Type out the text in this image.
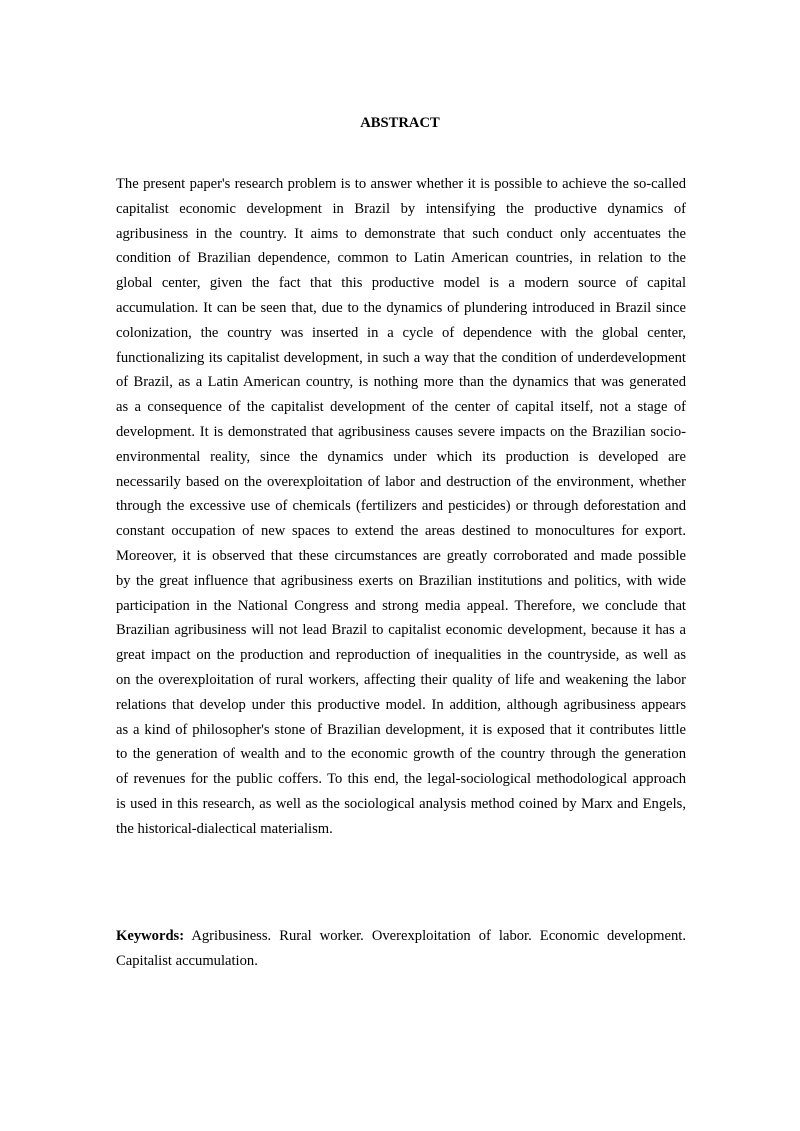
ABSTRACT
The present paper's research problem is to answer whether it is possible to achieve the so-called
capitalist economic development in Brazil by intensifying the productive dynamics of
agribusiness in the country. It aims to demonstrate that such conduct only accentuates the
condition of Brazilian dependence, common to Latin American countries, in relation to the
global center, given the fact that this productive model is a modern source of capital
accumulation. It can be seen that, due to the dynamics of plundering introduced in Brazil since
colonization, the country was inserted in a cycle of dependence with the global center,
functionalizing its capitalist development, in such a way that the condition of underdevelopment
of Brazil, as a Latin American country, is nothing more than the dynamics that was generated
as a consequence of the capitalist development of the center of capital itself, not a stage of
development. It is demonstrated that agribusiness causes severe impacts on the Brazilian socio-
environmental reality, since the dynamics under which its production is developed are
necessarily based on the overexploitation of labor and destruction of the environment, whether
through the excessive use of chemicals (fertilizers and pesticides) or through deforestation and
constant occupation of new spaces to extend the areas destined to monocultures for export.
Moreover, it is observed that these circumstances are greatly corroborated and made possible
by the great influence that agribusiness exerts on Brazilian institutions and politics, with wide
participation in the National Congress and strong media appeal. Therefore, we conclude that
Brazilian agribusiness will not lead Brazil to capitalist economic development, because it has a
great impact on the production and reproduction of inequalities in the countryside, as well as
on the overexploitation of rural workers, affecting their quality of life and weakening the labor
relations that develop under this productive model. In addition, although agribusiness appears
as a kind of philosopher's stone of Brazilian development, it is exposed that it contributes little
to the generation of wealth and to the economic growth of the country through the generation
of revenues for the public coffers. To this end, the legal-sociological methodological approach
is used in this research, as well as the sociological analysis method coined by Marx and Engels,
the historical-dialectical materialism.
Keywords: Agribusiness. Rural worker. Overexploitation of labor. Economic development.
Capitalist accumulation.
